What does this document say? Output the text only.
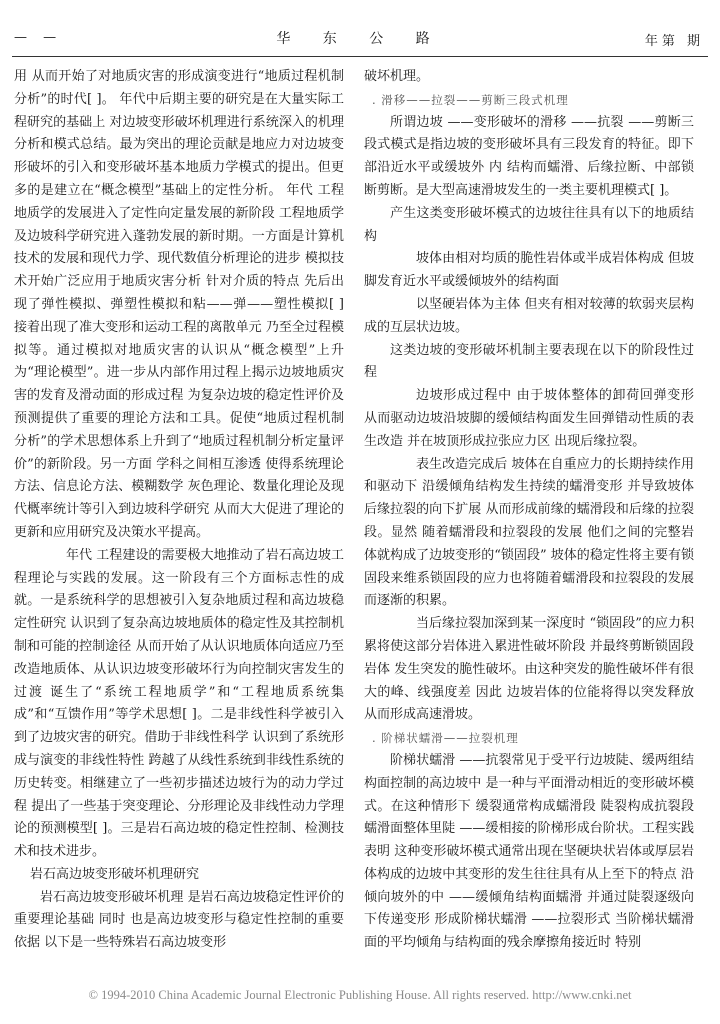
— —	华 东 公 路	年第 期

用 从而开始了对地质灾害的形成演变进行“地质过程机制分析”的时代[ ]。 年代中后期主要的研究是在大量实际工程研究的基础上 对边坡变形破坏机理进行系统深入的机理分析和模式总结。最为突出的理论贡献是地应力对边坡变形破坏的引入和变形破坏基本地质力学模式的提出。但更多的是建立在“概念模型”基础上的定性分析。 年代 工程地质学的发展进入了定性向定量发展的新阶段 工程地质学及边坡科学研究进入蓬勃发展的新时期。一方面是计算机技术的发展和现代力学、现代数值分析理论的进步 模拟技术开始广泛应用于地质灾害分析 针对介质的特点 先后出现了弹性模拟、弹塑性模拟和粘——弹——塑性模拟[ ] 接着出现了准大变形和运动工程的离散单元 乃至全过程模拟等。通过模拟对地质灾害的认识从“概念模型”上升为“理论模型”。进一步从内部作用过程上揭示边坡地质灾害的发育及滑动面的形成过程 为复杂边坡的稳定性评价及预测提供了重要的理论方法和工具。促使“地质过程机制分析”的学术思想体系上升到了“地质过程机制分析定量评价”的新阶段。另一方面 学科之间相互渗透 使得系统理论方法、信息论方法、模糊数学 灰色理论、数量化理论及现代概率统计等引入到边坡科学研究 从而大大促进了理论的更新和应用研究及决策水平提高。

年代 工程建设的需要极大地推动了岩石高边坡工程理论与实践的发展。这一阶段有三个方面标志性的成就。一是系统科学的思想被引入复杂地质过程和高边坡稳定性研究 认识到了复杂高边坡地质体的稳定性及其控制机制和可能的控制途径 从而开始了从认识地质体向适应乃至改造地质体、从认识边坡变形破坏行为向控制灾害发生的过渡 诞生了“系统工程地质学”和“工程地质系统集成”和“互馈作用”等学术思想[ ]。二是非线性科学被引入到了边坡灾害的研究。借助于非线性科学 认识到了系统形成与演变的非线性特性 跨越了从线性系统到非线性系统的历史转变。相继建立了一些初步描述边坡行为的动力学过程 提出了一些基于突变理论、分形理论及非线性动力学理论的预测模型[ ]。三是岩石高边坡的稳定性控制、检测技术和技术进步。

岩石高边坡变形破坏机理研究

岩石高边坡变形破坏机理 是岩石高边坡稳定性评价的重要理论基础 同时 也是高边坡变形与稳定性控制的重要依据 以下是一些特殊岩石高边坡变形

破坏机理。

. 滑移——拉裂——剪断三段式机理

所谓边坡 ——变形破坏的滑移 ——抗裂 ——剪断三段式模式是指边坡的变形破坏具有三段发育的特征。即下部沿近水平或缓坡外 内 结构而蠕滑、后缘拉断、中部锁断剪断。是大型高速滑坡发生的一类主要机理模式[ ]。

产生这类变形破坏模式的边坡往往具有以下的地质结构

坡体由相对均质的脆性岩体或半成岩体构成 但坡脚发育近水平或缓倾坡外的结构面

以坚硬岩体为主体 但夹有相对较薄的软弱夹层构成的互层状边坡。

这类边坡的变形破坏机制主要表现在以下的阶段性过程

边坡形成过程中 由于坡体整体的卸荷回弹变形 从而驱动边坡沿坡脚的缓倾结构面发生回弹错动性质的表生改造 并在坡顶形成拉张应力区 出现后缘拉裂。

表生改造完成后 坡体在自重应力的长期持续作用和驱动下 沿缓倾角结构发生持续的蠕滑变形 并导致坡体后缘拉裂的向下扩展 从而形成前缘的蠕滑段和后缘的拉裂段。显然 随着蠕滑段和拉裂段的发展 他们之间的完整岩体就构成了边坡变形的“锁固段” 坡体的稳定性将主要有锁固段来维系锁固段的应力也将随着蠕滑段和拉裂段的发展而逐渐的积累。

当后缘拉裂加深到某一深度时 “锁固段”的应力积累将使这部分岩体进入累进性破坏阶段 并最终剪断锁固段岩体 发生突发的脆性破坏。由这种突发的脆性破坏伴有很大的峰、线强度差 因此 边坡岩体的位能将得以突发释放 从而形成高速滑坡。

. 阶梯状蠕滑——拉裂机理

阶梯状蠕滑 ——抗裂常见于受平行边坡陡、缓两组结构面控制的高边坡中 是一种与平面滑动相近的变形破坏模式。在这种情形下 缓裂通常构成蠕滑段 陡裂构成抗裂段 蠕滑面整体里陡 ——缓相接的阶梯形成台阶状。工程实践表明 这种变形破坏模式通常出现在坚硬块状岩体或厚层岩体构成的边坡中其变形的发生往往具有从上至下的特点 沿倾向坡外的中 ——缓倾角结构面蠕滑 并通过陡裂逐级向下传递变形 形成阶梯状蠕滑 ——拉裂形式 当阶梯状蠕滑面的平均倾角与结构面的残余摩擦角接近时 特别

© 1994-2010 China Academic Journal Electronic Publishing House. All rights reserved. http://www.cnki.net
